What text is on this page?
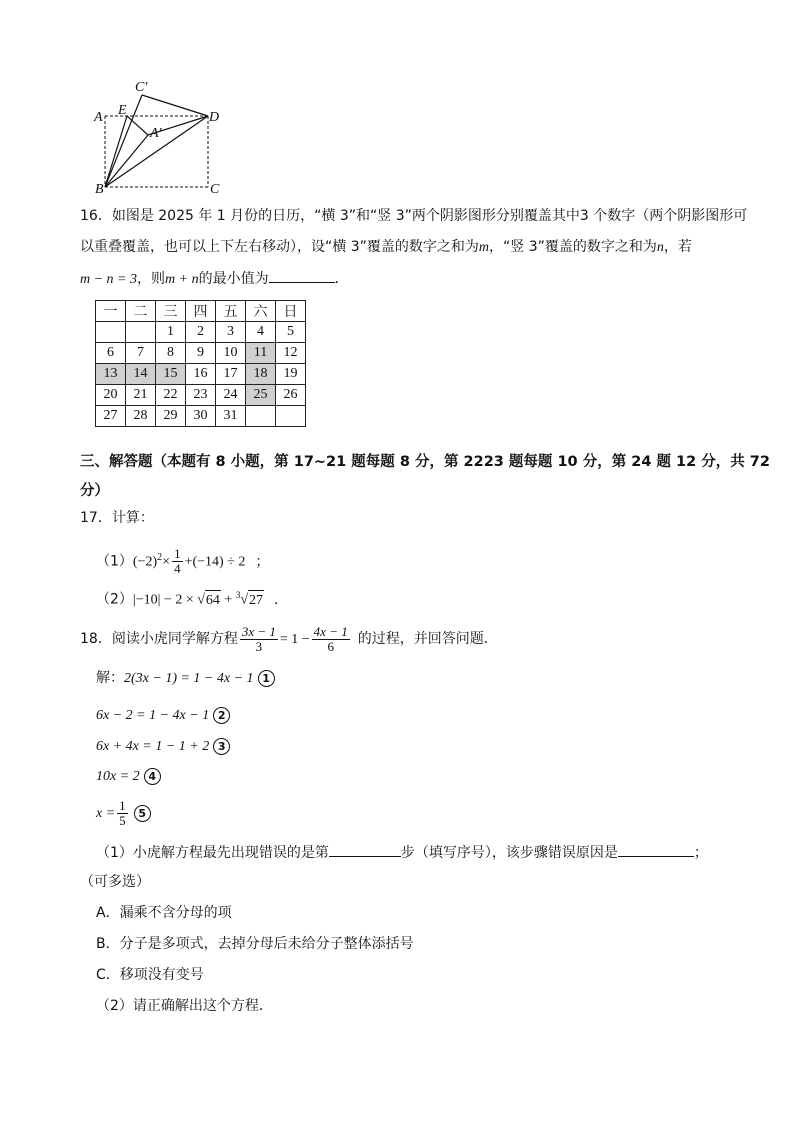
C′
A E
A′
D
B	C
16．如图是 2025 年 1 月份的日历，“横 3”和“竖 3”两个阴影图形分别覆盖其中3 个数字（两个阴影图形可
以重叠覆盖，也可以上下左右移动），设“横 3”覆盖的数字之和为m，“竖 3”覆盖的数字之和为n，若
m − n = 3，则m + n的最小值为	．
一	二	三	四	五	六	日
		1	2	3	4	5
6	7	8	9	10	11	12
13	14	15	16	17	18	19
20	21	22	23	24	25	26
27	28	29	30	31		
三、解答题（本题有 8 小题，第 17~21 题每题 8 分，第 2223 题每题 10 分，第 24 题 12 分，共 72
分）
17．计算：
$(1)(-2)^2\times \frac{1}{4} +(-14) \div 2$ ；
（2）|−10| − 2 × √64 + $^3$√27 ．
18．阅读小虎同学解方程 $\frac{3x - 1}{3} = 1 - \frac{4x - 1}{6}$ 的过程，并回答问题．
解：2(3x − 1) = 1 − 4x − 1 1
6x − 2 = 1 − 4x − 1 2
6x + 4x = 1 − 1 + 2 3
10x = 2 4
$x = \frac{1}{5} 5$
（1）小虎解方程最先出现错误的是第	步（填写序号），该步骤错误原因是	；
（可多选）
A．漏乘不含分母的项
B．分子是多项式，去掉分母后未给分子整体添括号
C．移项没有变号
（2）请正确解出这个方程．
